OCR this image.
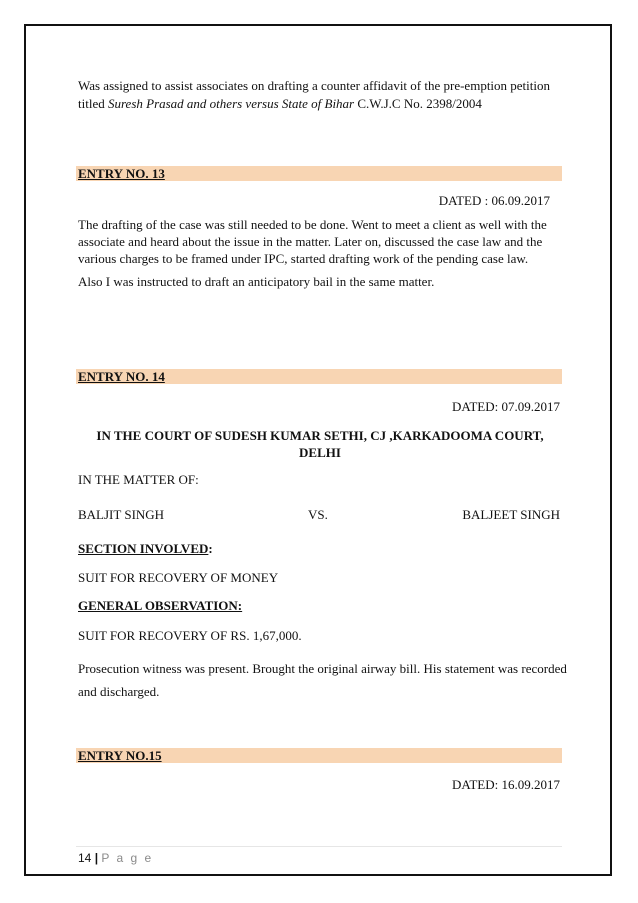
Was assigned to assist associates on drafting a counter affidavit of the pre-emption petition
titled Suresh Prasad and others versus State of Bihar C.W.J.C No. 2398/2004
ENTRY NO. 13
DATED : 06.09.2017
The drafting of the case was still needed to be done. Went to meet a client as well with the
associate and heard about the issue in the matter. Later on, discussed the case law and the
various charges to be framed under IPC, started drafting work of the pending case law.
Also I was instructed to draft an anticipatory bail in the same matter.
ENTRY NO. 14
DATED: 07.09.2017
IN THE COURT OF SUDESH KUMAR SETHI, CJ ,KARKADOOMA COURT,
DELHI
IN THE MATTER OF:
BALJIT SINGH	VS.	BALJEET SINGH
SECTION INVOLVED:
SUIT FOR RECOVERY OF MONEY
GENERAL OBSERVATION:
SUIT FOR RECOVERY OF RS. 1,67,000.
Prosecution witness was present. Brought the original airway bill. His statement was recorded
and discharged.
ENTRY NO.15
DATED: 16.09.2017
14 | P a g e
